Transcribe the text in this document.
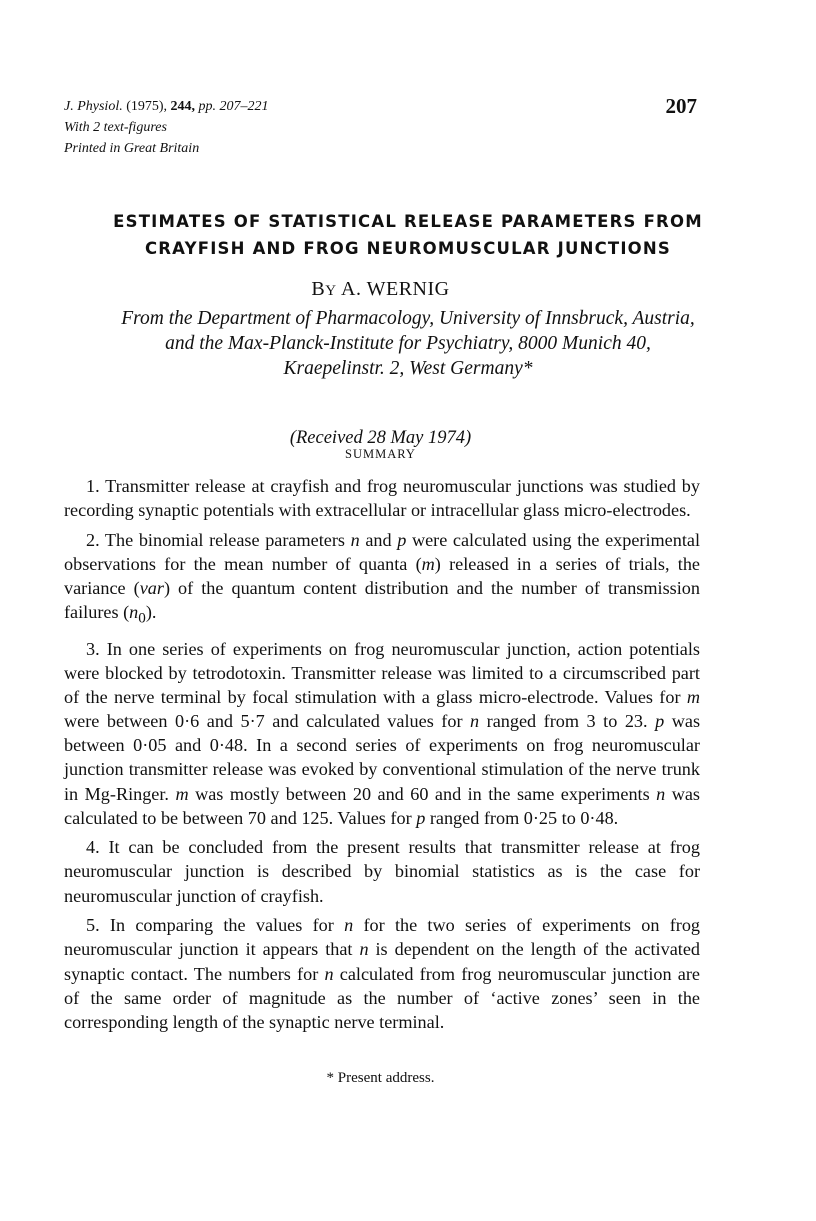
J. Physiol. (1975), 244, pp. 207–221
With 2 text-figures
Printed in Great Britain
207
ESTIMATES OF STATISTICAL RELEASE PARAMETERS FROM
CRAYFISH AND FROG NEUROMUSCULAR JUNCTIONS
BY A. WERNIG
From the Department of Pharmacology, University of Innsbruck, Austria,
and the Max-Planck-Institute for Psychiatry, 8000 Munich 40,
Kraepelinstr. 2, West Germany*
(Received 28 May 1974)
SUMMARY

1. Transmitter release at crayfish and frog neuromuscular junctions was studied by recording synaptic potentials with extracellular or intracellular glass micro-electrodes.

2. The binomial release parameters n and p were calculated using the experimental observations for the mean number of quanta (m) released in a series of trials, the variance (var) of the quantum content distribution and the number of transmission failures $(n_0)$.

3. In one series of experiments on frog neuromuscular junction, action potentials were blocked by tetrodotoxin. Transmitter release was limited to a circumscribed part of the nerve terminal by focal stimulation with a glass micro-electrode. Values for m were between 0·6 and 5·7 and calculated values for n ranged from 3 to 23. p was between 0·05 and 0·48. In a second series of experiments on frog neuromuscular junction transmitter release was evoked by conventional stimulation of the nerve trunk in Mg-Ringer. m was mostly between 20 and 60 and in the same experiments n was calculated to be between 70 and 125. Values for p ranged from 0·25 to 0·48.

4. It can be concluded from the present results that transmitter release at frog neuromuscular junction is described by binomial statistics as is the case for neuromuscular junction of crayfish.

5. In comparing the values for n for the two series of experiments on frog neuromuscular junction it appears that n is dependent on the length of the activated synaptic contact. The numbers for n calculated from frog neuromuscular junction are of the same order of magnitude as the number of ‘active zones’ seen in the corresponding length of the synaptic nerve terminal.

* Present address.
